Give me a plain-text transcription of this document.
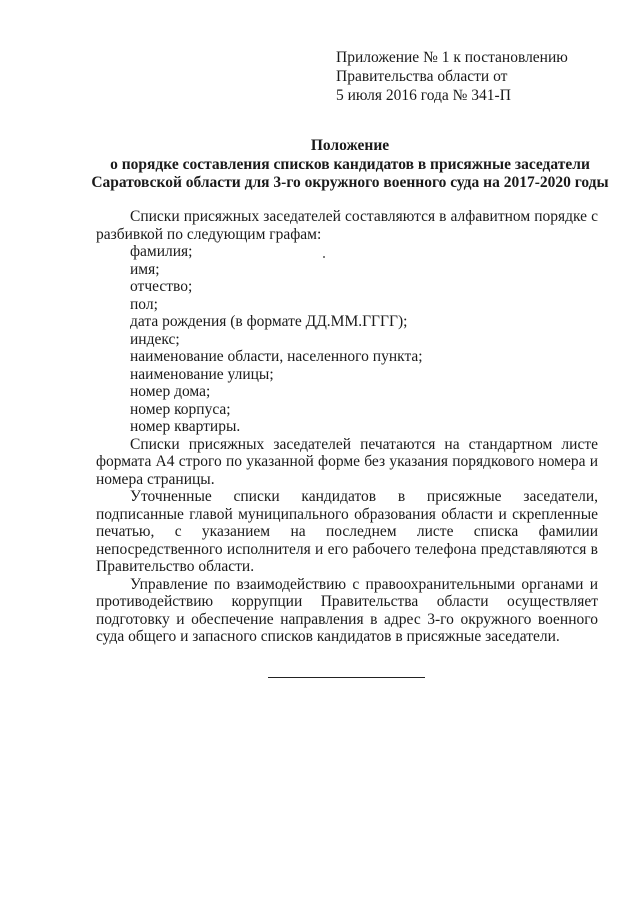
Приложение № 1 к постановлению
Правительства области от
5 июля 2016 года № 341-П
Положение
о порядке составления списков кандидатов в присяжные заседатели
Саратовской области для 3-го окружного военного суда на 2017-2020 годы

Списки присяжных заседателей составляются в алфавитном порядке с разбивкой по следующим графам:

фамилия;
имя;
отчество;
пол;
дата рождения (в формате ДД.ММ.ГГГГ);
индекс;
наименование области, населенного пункта;
наименование улицы;
номер дома;
номер корпуса;
номер квартиры.

Списки присяжных заседателей печатаются на стандартном листе формата А4 строго по указанной форме без указания порядкового номера и номера страницы.

Уточненные списки кандидатов в присяжные заседатели, подписанные главой муниципального образования области и скрепленные печатью, с указанием на последнем листе списка фамилии непосредственного исполнителя и его рабочего телефона представляются в Правительство области.

Управление по взаимодействию с правоохранительными органами и противодействию коррупции Правительства области осуществляет подготовку и обеспечение направления в адрес 3-го окружного военного суда общего и запасного списков кандидатов в присяжные заседатели.
